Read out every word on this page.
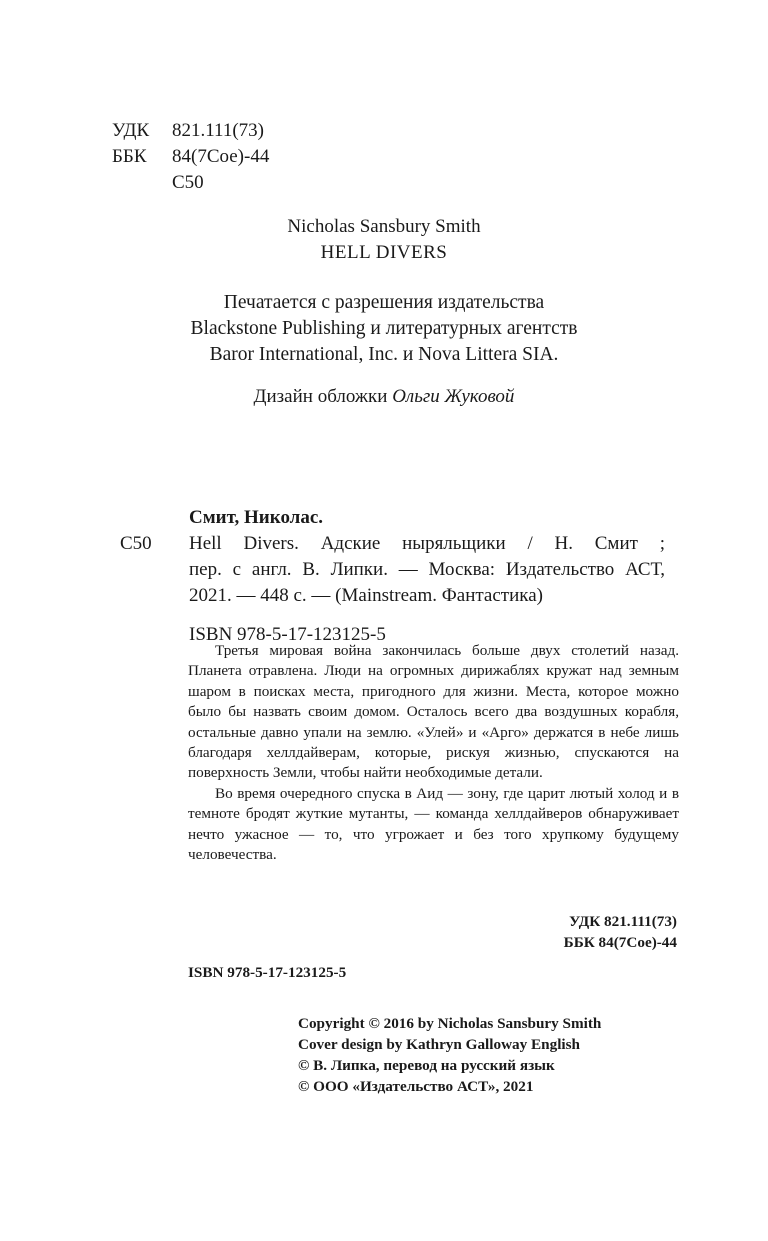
УДК	821.111(73)
ББК	84(7Сое)-44
С50
Nicholas Sansbury Smith
HELL DIVERS
Печатается с разрешения издательства
Blackstone Publishing и литературных агентств
Baror International, Inc. и Nova Littera SIA.
Дизайн обложки Ольги Жуковой
Смит, Николас.
С50	Hell Divers. Адские ныряльщики / Н. Смит ;
пер. с англ. В. Липки. — Москва: Издательство АСТ,
2021. — 448 с. — (Mainstream. Фантастика)
ISBN 978-5-17-123125-5

Третья мировая война закончилась больше двух столетий назад. Планета отравлена. Люди на огромных дирижаблях кружат над земным шаром в поисках места, пригодного для жизни. Места, которое можно было бы назвать своим домом. Осталось всего два воздушных корабля, остальные давно упали на землю. «Улей» и «Арго» держатся в небе лишь благодаря хеллдайверам, которые, рискуя жизнью, спускаются на поверхность Земли, чтобы найти необходимые детали.

Во время очередного спуска в Аид — зону, где царит лютый холод и в темноте бродят жуткие мутанты, — команда хеллдайверов обнаруживает нечто ужасное — то, что угрожает и без того хрупкому будущему человечества.

УДК 821.111(73)
ББК 84(7Сое)-44
ISBN 978-5-17-123125-5
Copyright © 2016 by Nicholas Sansbury Smith
Cover design by Kathryn Galloway English
© В. Липка, перевод на русский язык
© ООО «Издательство АСТ», 2021
